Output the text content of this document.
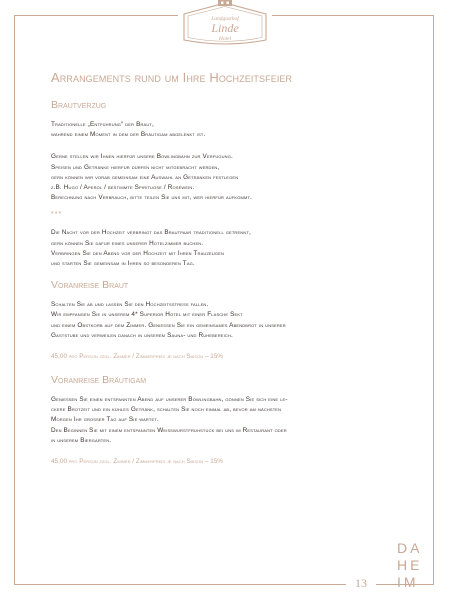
Landgasthof
Linde
Hotel
Arrangements rund um Ihre Hochzeitsfeier
Brautverzug

Traditionelle „Entführung“ der Braut,

während einem Moment in dem der Bräutigam abgelenkt ist.

Gerne stellen wir Ihnen hierfür unsere Bowlingbahn zur Verfügung.

Speisen und Getränke hierfür dürfen nicht mitgebracht werden,

gern können wir vorab gemeinsam eine Auswahl an Getränken festlegen

z.B. Hugo / Aperol / bestimmte Spirituose / Roséwein.

Berechnung nach Verbrauch, bitte teilen Sie uns mit, wer hierfür aufkommt.

***

Die Nacht vor der Hochzeit verbringt das Brautpaar traditionell getrennt,

gern können Sie dafür eines unserer Hotelzimmer buchen.

Verbringen Sie den Abend vor der Hochzeit mit Ihren Trauzeugen

und starten Sie gemeinsam in Ihren so besonderen Tag.

Voranreise Braut

Schalten Sie ab und lassen Sie den Hochzeitsstress fallen.

Wir empfangen Sie in unserem 4* Superior Hotel mit einer Flasche Sekt

und einem Obstkorb auf dem Zimmer. Geniessen Sie ein gemeinsames Abendbrot in unserer

Gaststube und verweilen danach in unserem Sauna- und Ruhebereich.

45,00 pro Person zzgl. Zimmer / Zimmerpreis je nach Saison – 15%

Voranreise Bräutigam

Genießen Sie einen entspannten Abend auf unserer Bowlingbahn, gönnen Sie sich eine le-

ckere Brotzeit und ein kühles Getränk, schalten Sie noch einmal ab, bevor am nächsten

Morgen Ihr großer Tag auf Sie wartet.

Den Beginnen Sie mit einem entspannten Weißwurstfrühstück bei uns im Restaurant oder

in unserem Biergarten.

45,00 pro Person zzgl. Zimmer / Zimmerpreis je nach Saison – 15%

13
DA
HE
IM
